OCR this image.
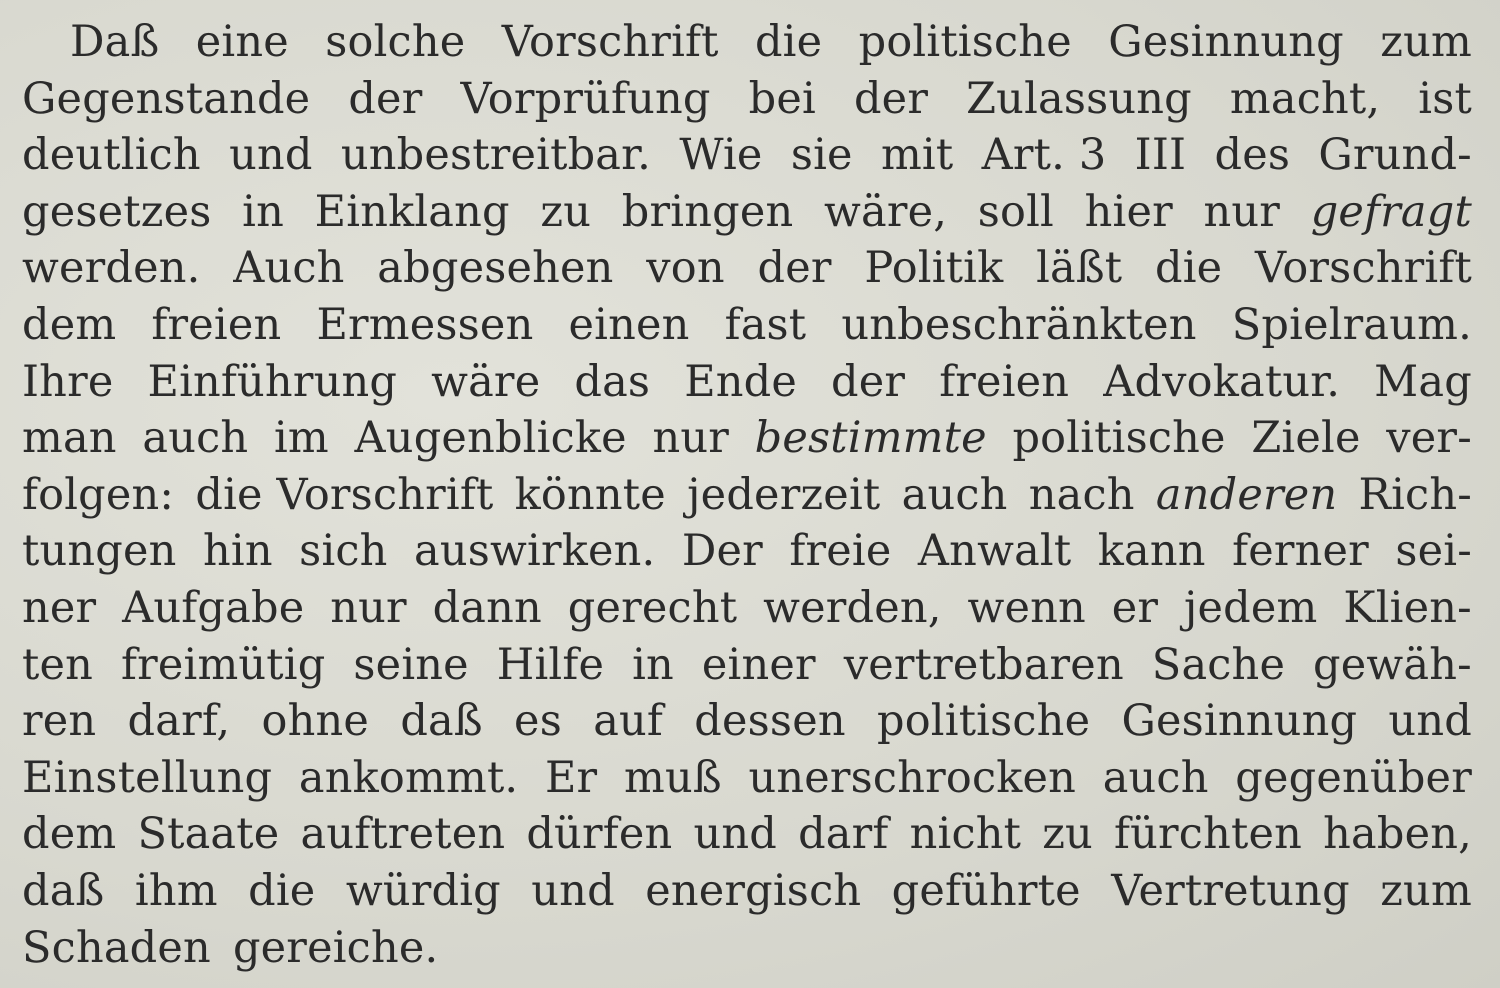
Daß eine solche Vorschrift die politische Gesinnung zum
Gegenstande der Vorprüfung bei der Zulassung macht, ist
deutlich und unbestreitbar. Wie sie mit Art. 3 III des Grund-
gesetzes in Einklang zu bringen wäre, soll hier nur gefragt
werden. Auch abgesehen von der Politik läßt die Vorschrift
dem freien Ermessen einen fast unbeschränkten Spielraum.
Ihre Einführung wäre das Ende der freien Advokatur. Mag
man auch im Augenblicke nur bestimmte politische Ziele ver-
folgen: die Vorschrift könnte jederzeit auch nach anderen Rich-
tungen hin sich auswirken. Der freie Anwalt kann ferner sei-
ner Aufgabe nur dann gerecht werden, wenn er jedem Klien-
ten freimütig seine Hilfe in einer vertretbaren Sache gewäh-
ren darf, ohne daß es auf dessen politische Gesinnung und
Einstellung ankommt. Er muß unerschrocken auch gegenüber
dem Staate auftreten dürfen und darf nicht zu fürchten haben,
daß ihm die würdig und energisch geführte Vertretung zum
Schaden gereiche.
